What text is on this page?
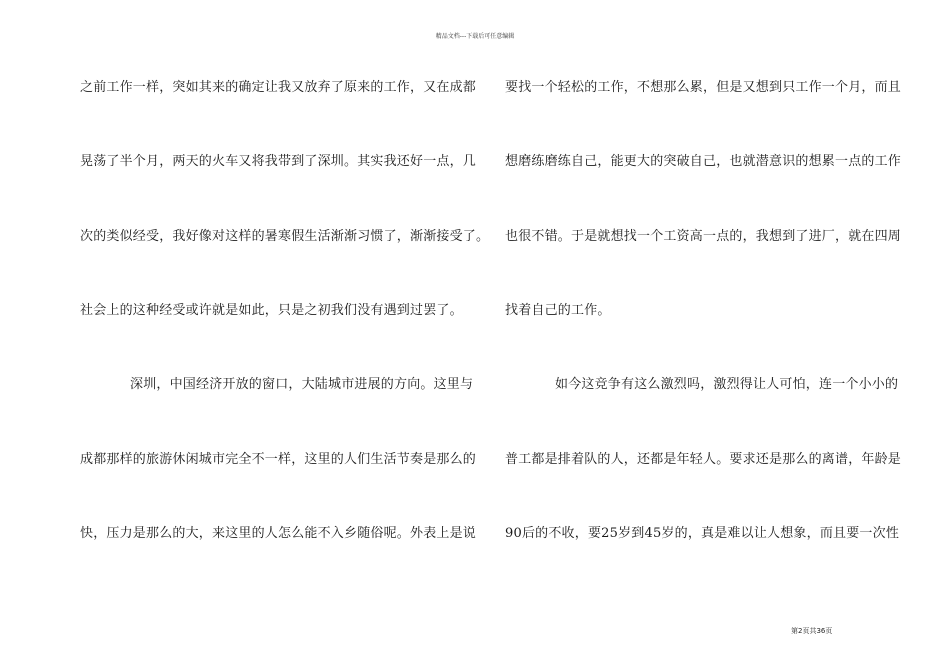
精品文档---下载后可任意编辑
之前工作一样，突如其来的确定让我又放弃了原来的工作，又在成都
晃荡了半个月，两天的火车又将我带到了深圳。其实我还好一点，几
次的类似经受，我好像对这样的暑寒假生活渐渐习惯了，渐渐接受了。
社会上的这种经受或许就是如此，只是之初我们没有遇到过罢了。
深圳，中国经济开放的窗口，大陆城市进展的方向。这里与
成都那样的旅游休闲城市完全不一样，这里的人们生活节奏是那么的
快，压力是那么的大，来这里的人怎么能不入乡随俗呢。外表上是说
要找一个轻松的工作，不想那么累，但是又想到只工作一个月，而且
想磨练磨练自己，能更大的突破自己，也就潜意识的想累一点的工作
也很不错。于是就想找一个工资高一点的，我想到了进厂，就在四周
找着自己的工作。
如今这竞争有这么激烈吗，激烈得让人可怕，连一个小小的
普工都是排着队的人，还都是年轻人。要求还是那么的离谱，年龄是
90后的不收，要25岁到45岁的，真是难以让人想象，而且要一次性
第2页共36页
